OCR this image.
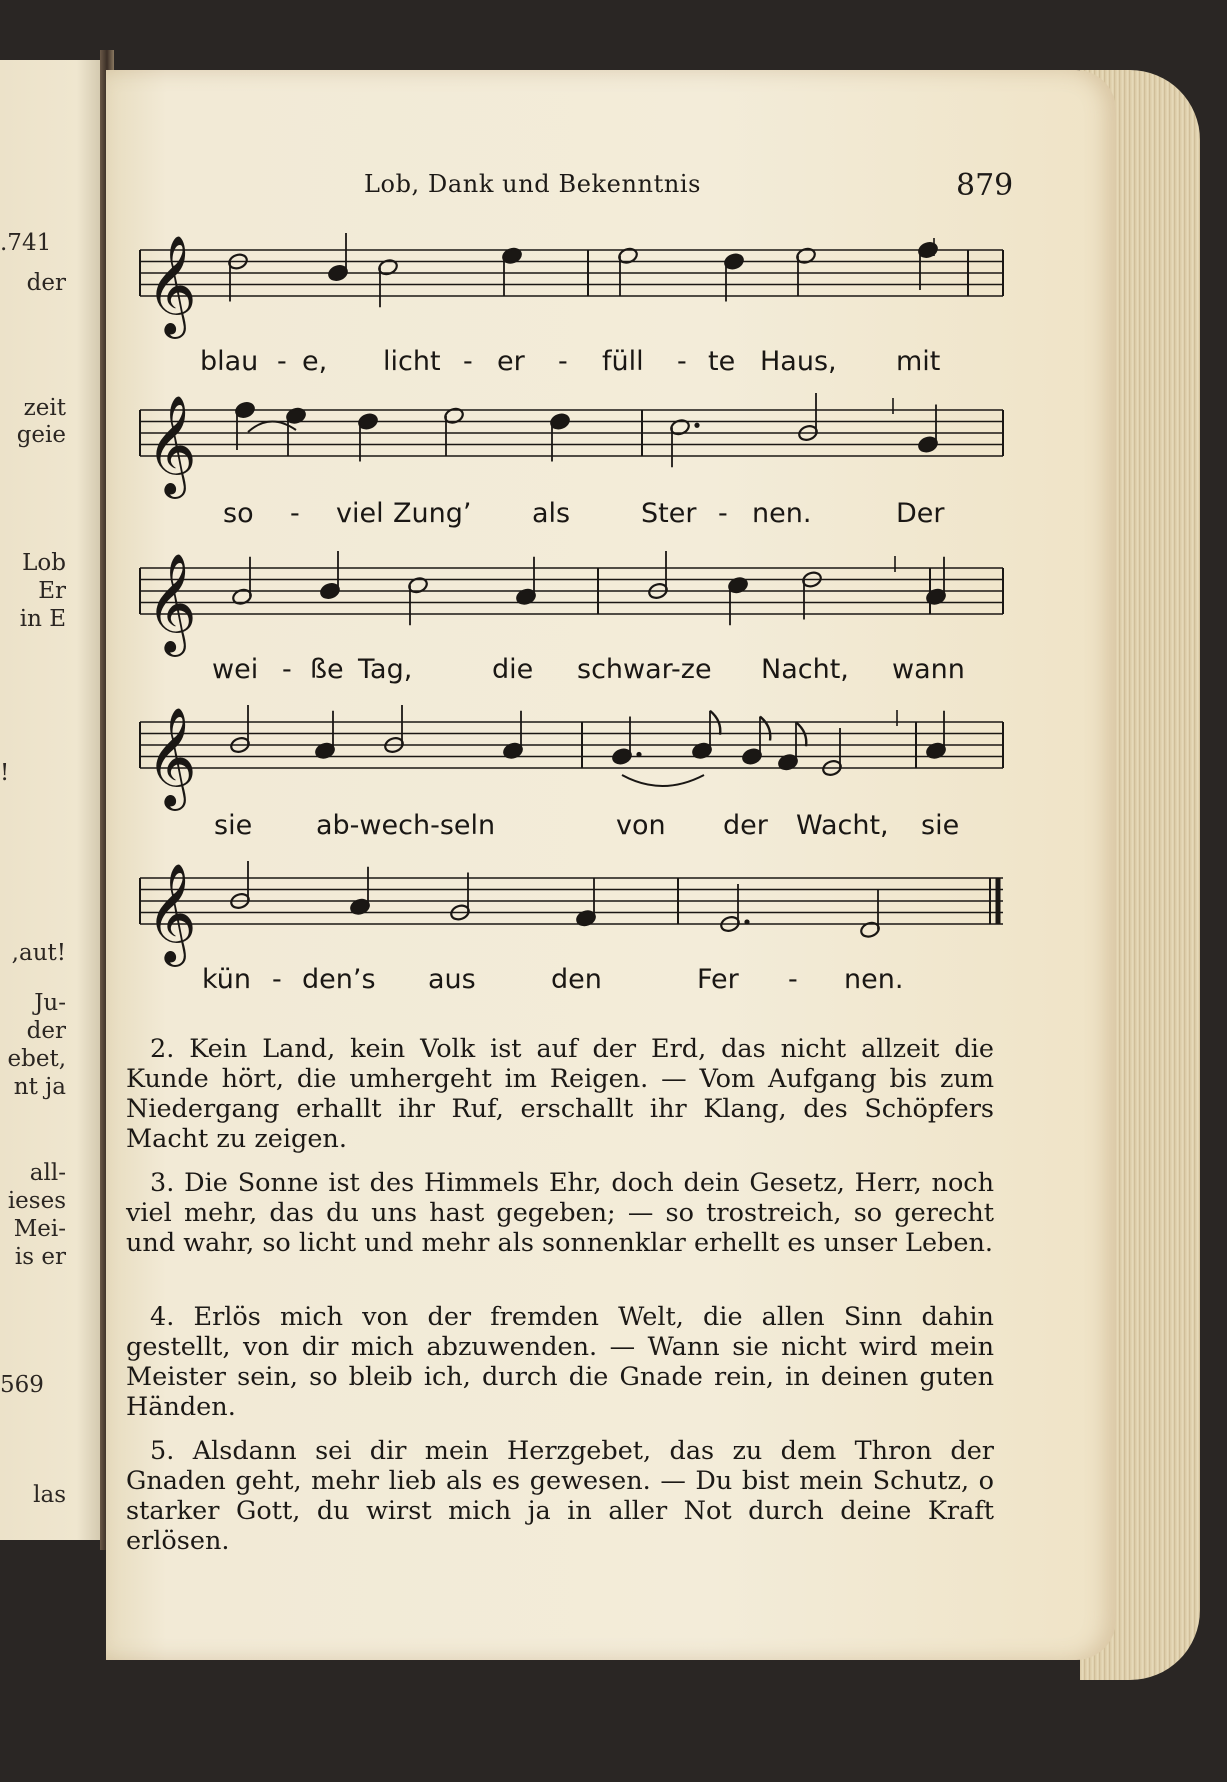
.741
der
zeit
geie
Lob
Er
in E
!
,aut!
Ju-
der
ebet,
nt ja
all-
ieses
Mei-
is er
569
las
Lob, Dank und Bekenntnis	879
𝄞
𝄞
𝄞
𝄞
𝄞
blau - e, licht - er - füll - te Haus, mit
so - viel Zung’ als	Ster - nen.	Der
wei - ße Tag,	die schwar-ze Nacht, wann
sie ab-wech-seln	von der Wacht, sie
kün - den’s aus	den	Fer - nen.

2. Kein Land, kein Volk ist auf der Erd, das nicht allzeit die Kunde hört, die umhergeht im Reigen. — Vom Aufgang bis zum Niedergang erhallt ihr Ruf, erschallt ihr Klang, des Schöpfers Macht zu zeigen.

3. Die Sonne ist des Himmels Ehr, doch dein Gesetz, Herr, noch viel mehr, das du uns hast gegeben; — so trostreich, so gerecht und wahr, so licht und mehr als sonnenklar erhellt es unser Leben.

4. Erlös mich von der fremden Welt, die allen Sinn dahin gestellt, von dir mich abzuwenden. — Wann sie nicht wird mein Meister sein, so bleib ich, durch die Gnade rein, in deinen guten Händen.

5. Alsdann sei dir mein Herzgebet, das zu dem Thron der Gnaden geht, mehr lieb als es gewesen. — Du bist mein Schutz, o starker Gott, du wirst mich ja in aller Not durch deine Kraft erlösen.
